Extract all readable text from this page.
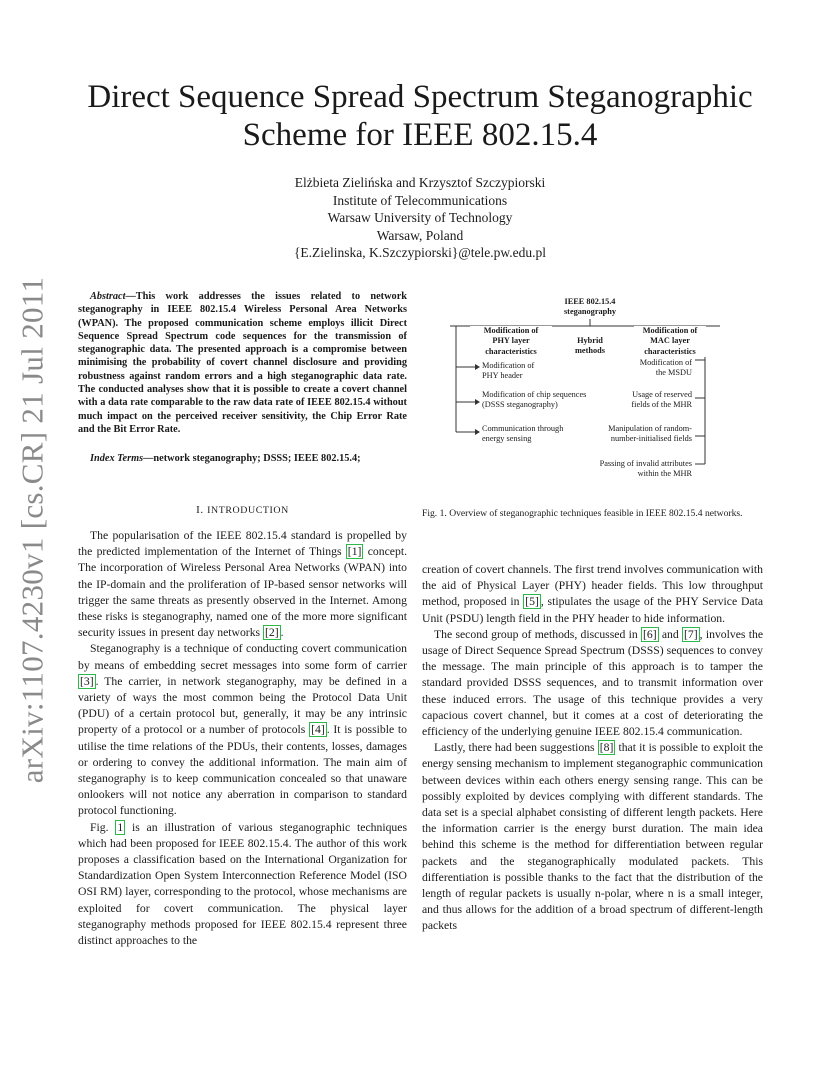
arXiv:1107.4230v1 [cs.CR] 21 Jul 2011
Direct Sequence Spread Spectrum Steganographic
Scheme for IEEE 802.15.4
Elżbieta Zielińska and Krzysztof Szczypiorski
Institute of Telecommunications
Warsaw University of Technology
Warsaw, Poland
{E.Zielinska, K.Szczypiorski}@tele.pw.edu.pl

Abstract—This work addresses the issues related to network steganography in IEEE 802.15.4 Wireless Personal Area Networks (WPAN). The proposed communication scheme employs illicit Direct Sequence Spread Spectrum code sequences for the transmission of steganographic data. The presented approach is a compromise between minimising the probability of covert channel disclosure and providing robustness against random errors and a high steganographic data rate. The conducted analyses show that it is possible to create a covert channel with a data rate comparable to the raw data rate of IEEE 802.15.4 without much impact on the perceived receiver sensitivity, the Chip Error Rate and the Bit Error Rate.

Index Terms—network steganography; DSSS; IEEE 802.15.4;

I. INTRODUCTION

The popularisation of the IEEE 802.15.4 standard is propelled by the predicted implementation of the Internet of Things [1] concept. The incorporation of Wireless Personal Area Networks (WPAN) into the IP-domain and the proliferation of IP-based sensor networks will trigger the same threats as presently observed in the Internet. Among these risks is steganography, named one of the more more significant security issues in present day networks [2] .

Steganography is a technique of conducting covert communication by means of embedding secret messages into some form of carrier [3] . The carrier, in network steganography, may be defined in a variety of ways the most common being the Protocol Data Unit (PDU) of a certain protocol but, generally, it may be any intrinsic property of a protocol or a number of protocols [4] . It is possible to utilise the time relations of the PDUs, their contents, losses, damages or ordering to convey the additional information. The main aim of steganography is to keep communication concealed so that unaware onlookers will not notice any aberration in comparison to standard protocol functioning.

Fig. 1 is an illustration of various steganographic techniques which had been proposed for IEEE 802.15.4. The author of this work proposes a classification based on the International Organization for Standardization Open System Interconnection Reference Model (ISO OSI RM) layer, corresponding to the protocol, whose mechanisms are exploited for covert communication. The physical layer steganography methods proposed for IEEE 802.15.4 represent three distinct approaches to the

IEEE 802.15.4
steganography
Modification of
PHY layer
characteristics
Hybrid
methods
Modification of
MAC layer
characteristics
Modification of
PHY header
Modification of chip sequences
(DSSS steganography)
Communication through
energy sensing
Modification of
the MSDU
Usage of reserved
fields of the MHR
Manipulation of random-
number-initialised fields
Passing of invalid attributes
within the MHR
Fig. 1. Overview of steganographic techniques feasible in IEEE 802.15.4 networks.

creation of covert channels. The first trend involves communication with the aid of Physical Layer (PHY) header fields. This low throughput method, proposed in [5] , stipulates the usage of the PHY Service Data Unit (PSDU) length field in the PHY header to hide information.

The second group of methods, discussed in [6] and [7] , involves the usage of Direct Sequence Spread Spectrum (DSSS) sequences to convey the message. The main principle of this approach is to tamper the standard provided DSSS sequences, and to transmit information over these induced errors. The usage of this technique provides a very capacious covert channel, but it comes at a cost of deteriorating the efficiency of the underlying genuine IEEE 802.15.4 communication.

Lastly, there had been suggestions [8] that it is possible to exploit the energy sensing mechanism to implement steganographic communication between devices within each others energy sensing range. This can be possibly exploited by devices complying with different standards. The data set is a special alphabet consisting of different length packets. Here the information carrier is the energy burst duration. The main idea behind this scheme is the method for differentiation between regular packets and the steganographically modulated packets. This differentiation is possible thanks to the fact that the distribution of the length of regular packets is usually n-polar, where n is a small integer, and thus allows for the addition of a broad spectrum of different-length packets
